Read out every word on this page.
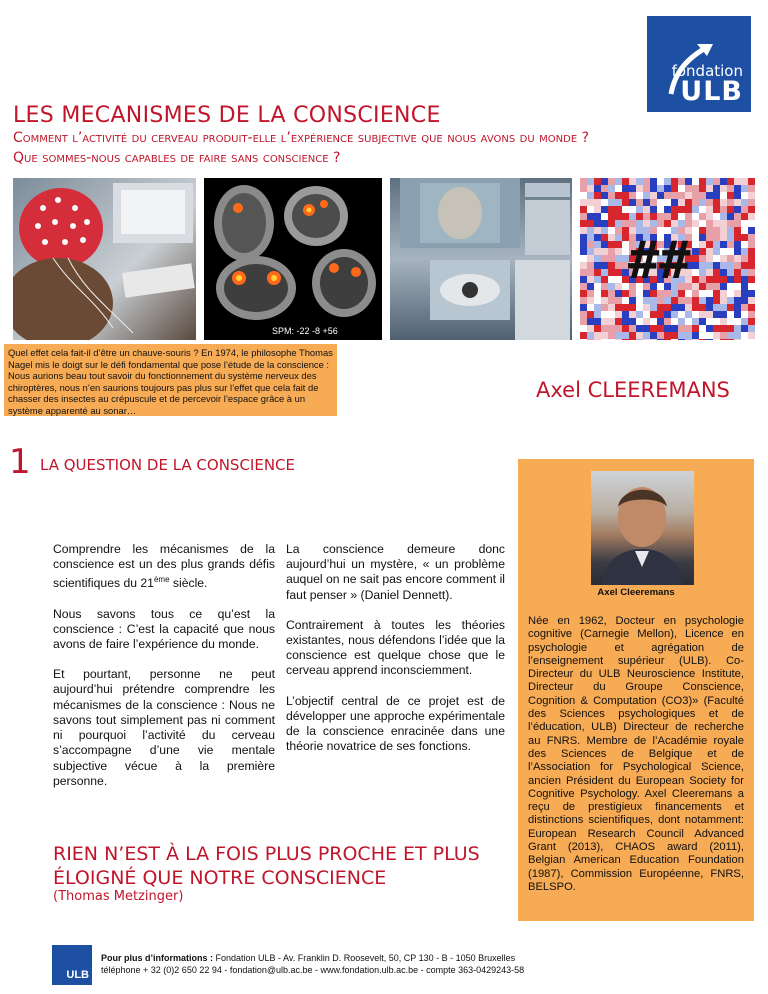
fondation
ULB
LES MECANISMES DE LA CONSCIENCE
Comment l’activité du cerveau produit-elle l’expérience subjective que nous avons du monde ?
Que sommes-nous capables de faire sans conscience ?
SPM: -22 -8 +56
##
Quel effet cela fait-il d’être un chauve-souris ? En 1974, le philosophe Thomas Nagel mis le doigt sur le défi fondamental que pose l’étude de la conscience : Nous aurions beau tout savoir du fonctionnement du système nerveux des chiroptères, nous n’en saurions toujours pas plus sur l’effet que cela fait de chasser des insectes au crépuscule et de percevoir l’espace grâce à un système apparenté au sonar…
Axel CLEEREMANS
1 LA QUESTION DE LA CONSCIENCE

Comprendre les mécanismes de la conscience est un des plus grands défis scientifiques du 21ème siècle.

Nous savons tous ce qu’est la conscience : C’est la capacité que nous avons de faire l’expérience du monde.

Et pourtant, personne ne peut aujourd’hui prétendre comprendre les mécanismes de la conscience : Nous ne savons tout simplement pas ni comment ni pourquoi l’activité du cerveau s’accompagne d’une vie mentale subjective vécue à la première personne.

La conscience demeure donc aujourd’hui un mystère, « un problème auquel on ne sait pas encore comment il faut penser » (Daniel Dennett).

Contrairement à toutes les théories existantes, nous défendons l’idée que la conscience est quelque chose que le cerveau apprend inconsciemment.

L’objectif central de ce projet est de développer une approche expérimentale de la conscience enracinée dans une théorie novatrice de ses fonctions.

Axel Cleeremans
Née en 1962, Docteur en psychologie cognitive (Carnegie Mellon), Licence en psychologie et agrégation de l’enseignement supérieur (ULB). Co-Directeur du ULB Neuroscience Institute, Directeur du Groupe Conscience, Cognition & Computation (CO3)» (Faculté des Sciences psychologiques et de l’éducation, ULB) Directeur de recherche au FNRS. Membre de l’Académie royale des Sciences de Belgique et de l’Association for Psychological Science, ancien Président du European Society for Cognitive Psychology. Axel Cleeremans a reçu de prestigieux financements et distinctions scientifiques, dont notamment: European Research Council Advanced Grant (2013), CHAOS award (2011), Belgian American Education Foundation (1987), Commission Européenne, FNRS, BELSPO.
RIEN N’EST À LA FOIS PLUS PROCHE ET PLUS ÉLOIGNÉ QUE NOTRE CONSCIENCE
(Thomas Metzinger)
ULB
Pour plus d’informations : Fondation ULB - Av. Franklin D. Roosevelt, 50, CP 130 - B - 1050 Bruxelles
téléphone + 32 (0)2 650 22 94 - fondation@ulb.ac.be - www.fondation.ulb.ac.be - compte 363-0429243-58
